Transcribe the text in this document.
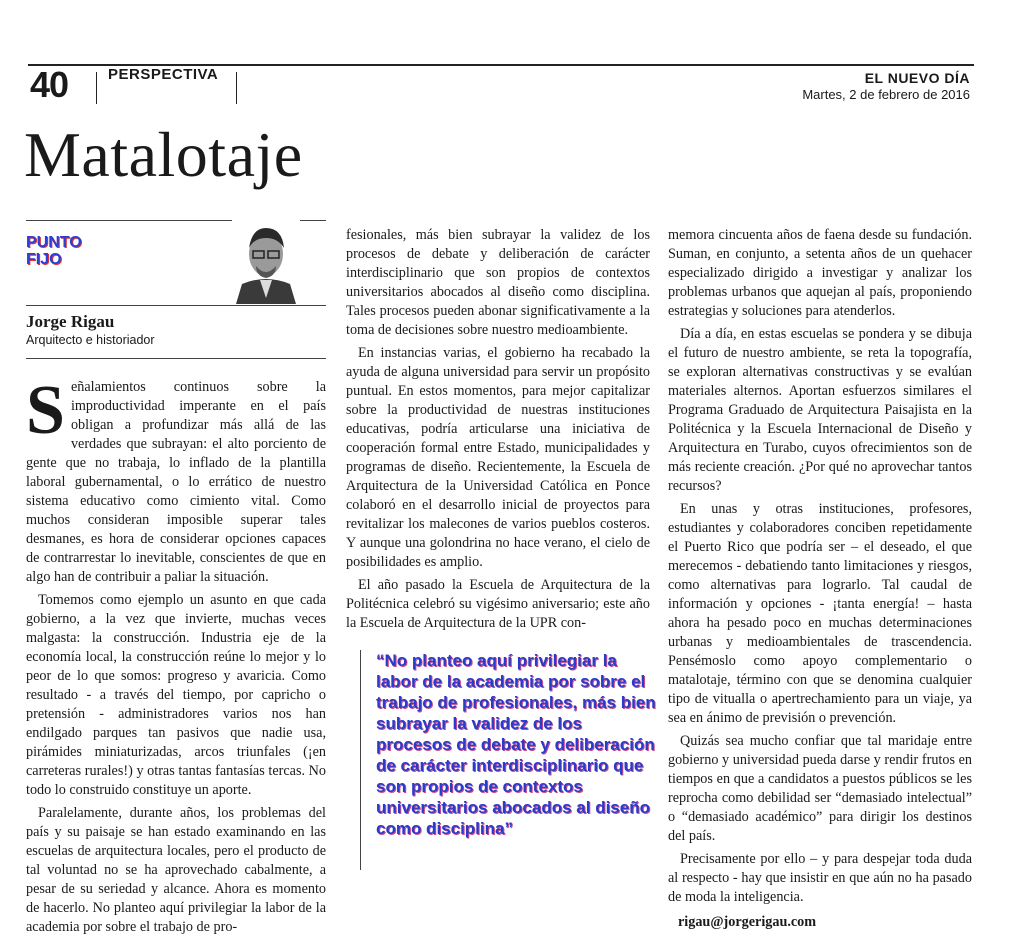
40	PERSPECTIVA	EL NUEVO DÍA
Martes, 2 de febrero de 2016
Matalotaje
PUNTO
FIJO
Jorge Rigau
Arquitecto e historiador

Señalamientos continuos sobre la improductividad imperante en el país obligan a profundizar más allá de las verdades que subrayan: el alto porciento de gente que no trabaja, lo inflado de la plantilla laboral gubernamental, o lo errático de nuestro sistema educativo como cimiento vital. Como muchos consideran imposible superar tales desmanes, es hora de considerar opciones capaces de contrarrestar lo inevitable, conscientes de que en algo han de contribuir a paliar la situación.

Tomemos como ejemplo un asunto en que cada gobierno, a la vez que invierte, muchas veces malgasta: la construcción. Industria eje de la economía local, la construcción reúne lo mejor y lo peor de lo que somos: progreso y avaricia. Como resultado - a través del tiempo, por capricho o pretensión - administradores varios nos han endilgado parques tan pasivos que nadie usa, pirámides miniaturizadas, arcos triunfales (¡en carreteras rurales!) y otras tantas fantasías tercas. No todo lo construido constituye un aporte.

Paralelamente, durante años, los problemas del país y su paisaje se han estado examinando en las escuelas de arquitectura locales, pero el producto de tal voluntad no se ha aprovechado cabalmente, a pesar de su seriedad y alcance. Ahora es momento de hacerlo. No planteo aquí privilegiar la labor de la academia por sobre el trabajo de pro-

fesionales, más bien subrayar la validez de los procesos de debate y deliberación de carácter interdisciplinario que son propios de contextos universitarios abocados al diseño como disciplina. Tales procesos pueden abonar significativamente a la toma de decisiones sobre nuestro medioambiente.

En instancias varias, el gobierno ha recabado la ayuda de alguna universidad para servir un propósito puntual. En estos momentos, para mejor capitalizar sobre la productividad de nuestras instituciones educativas, podría articularse una iniciativa de cooperación formal entre Estado, municipalidades y programas de diseño. Recientemente, la Escuela de Arquitectura de la Universidad Católica en Ponce colaboró en el desarrollo inicial de proyectos para revitalizar los malecones de varios pueblos costeros. Y aunque una golondrina no hace verano, el cielo de posibilidades es amplio.

El año pasado la Escuela de Arquitectura de la Politécnica celebró su vigésimo aniversario; este año la Escuela de Arquitectura de la UPR con-

“No planteo aquí privilegiar la labor de la academia por sobre el trabajo de profesionales, más bien subrayar la validez de los procesos de debate y deliberación de carácter interdisciplinario que son propios de contextos universitarios abocados al diseño como disciplina”

memora cincuenta años de faena desde su fundación. Suman, en conjunto, a setenta años de un quehacer especializado dirigido a investigar y analizar los problemas urbanos que aquejan al país, proponiendo estrategias y soluciones para atenderlos.

Día a día, en estas escuelas se pondera y se dibuja el futuro de nuestro ambiente, se reta la topografía, se exploran alternativas constructivas y se evalúan materiales alternos. Aportan esfuerzos similares el Programa Graduado de Arquitectura Paisajista en la Politécnica y la Escuela Internacional de Diseño y Arquitectura en Turabo, cuyos ofrecimientos son de más reciente creación. ¿Por qué no aprovechar tantos recursos?

En unas y otras instituciones, profesores, estudiantes y colaboradores conciben repetidamente el Puerto Rico que podría ser – el deseado, el que merecemos - debatiendo tanto limitaciones y riesgos, como alternativas para lograrlo. Tal caudal de información y opciones - ¡tanta energía! – hasta ahora ha pesado poco en muchas determinaciones urbanas y medioambientales de trascendencia. Pensémoslo como apoyo complementario o matalotaje, término con que se denomina cualquier tipo de vitualla o apertrechamiento para un viaje, ya sea en ánimo de previsión o prevención.

Quizás sea mucho confiar que tal maridaje entre gobierno y universidad pueda darse y rendir frutos en tiempos en que a candidatos a puestos públicos se les reprocha como debilidad ser “demasiado intelectual” o “demasiado académico” para dirigir los destinos del país.

Precisamente por ello – y para despejar toda duda al respecto - hay que insistir en que aún no ha pasado de moda la inteligencia.

rigau@jorgerigau.com
